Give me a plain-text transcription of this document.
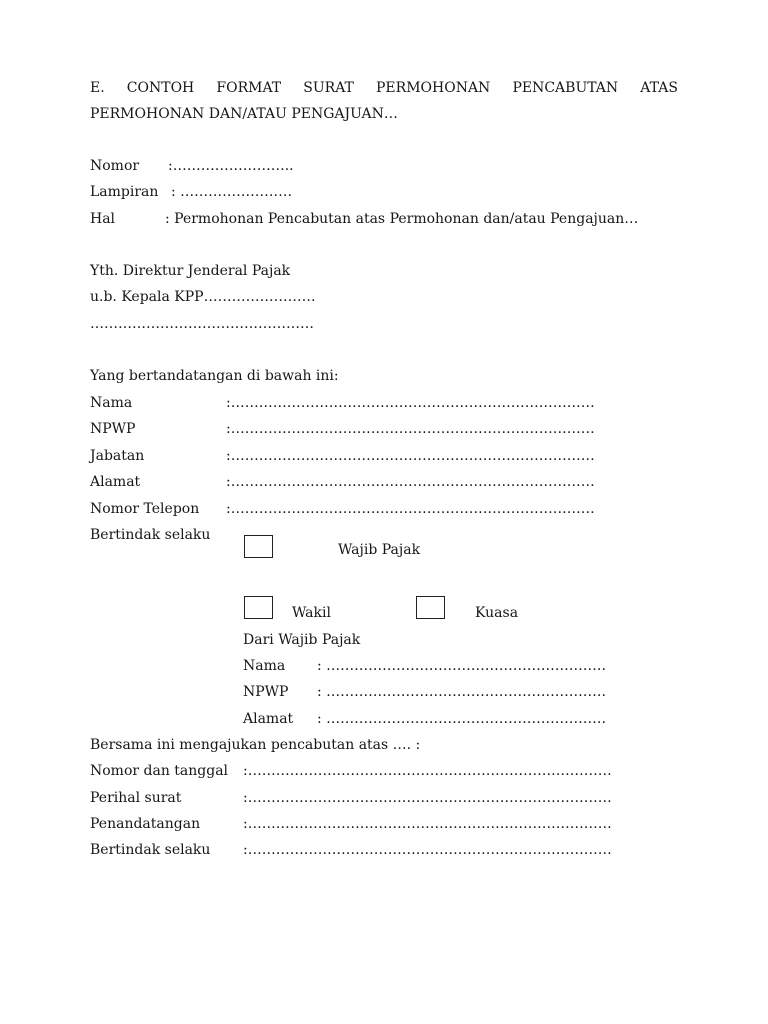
E. CONTOH FORMAT SURAT PERMOHONAN PENCABUTAN ATAS
PERMOHONAN DAN/ATAU PENGAJUAN…
Nomor :……………………..
Lampiran : ……………………
Hal	: Permohonan Pencabutan atas Permohonan dan/atau Pengajuan…
Yth. Direktur Jenderal Pajak
u.b. Kepala KPP……………………
…………………………………………
Yang bertandatangan di bawah ini:
Nama	:……………………………………………………………………
NPWP	:……………………………………………………………………
Jabatan	:……………………………………………………………………
Alamat	:……………………………………………………………………
Nomor Telepon :……………………………………………………………………
Bertindak selaku
Wajib Pajak
Wakil	Kuasa
Dari Wajib Pajak
Nama : ……………………………………………………
NPWP : ……………………………………………………
Alamat : ……………………………………………………
Bersama ini mengajukan pencabutan atas …. :
Nomor dan tanggal :……………………………………………………………………
Perihal surat	:……………………………………………………………………
Penandatangan	:……………………………………………………………………
Bertindak selaku :……………………………………………………………………
